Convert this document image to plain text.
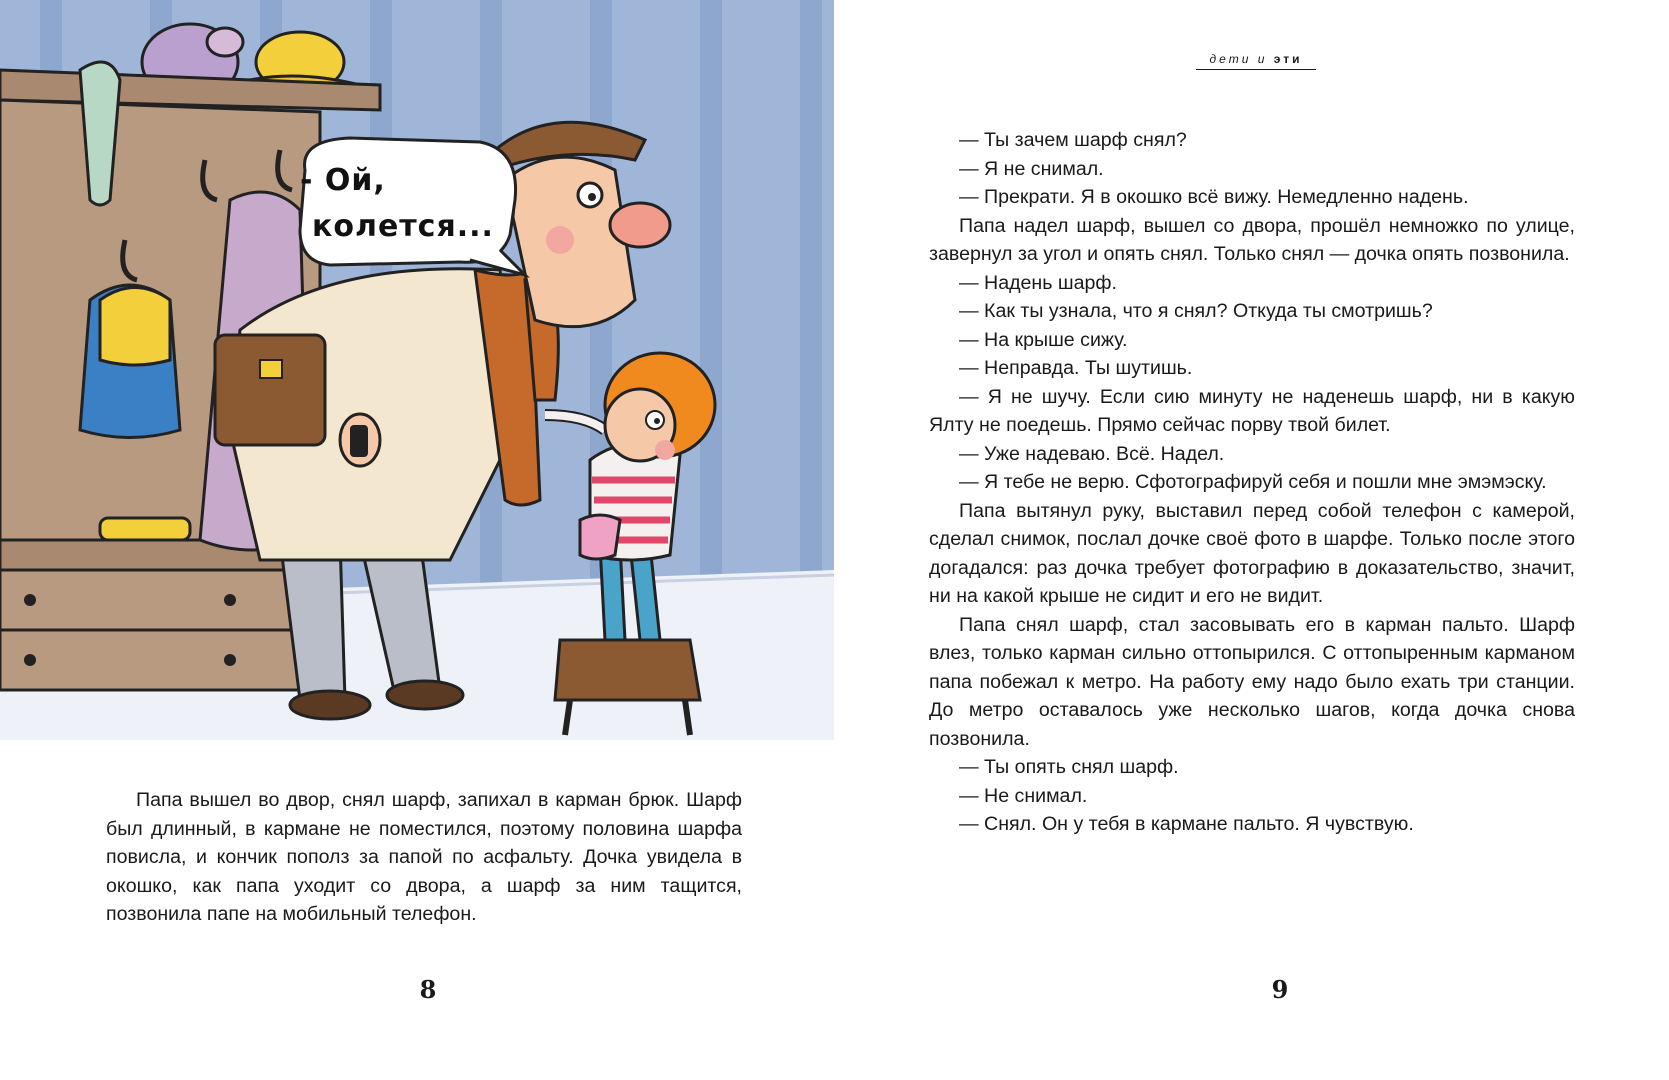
- Ой,
колется...

Папа вышел во двор, снял шарф, запихал в карман брюк. Шарф был длинный, в кармане не поместился, поэтому половина шарфа повисла, и кончик пополз за папой по асфальту. Дочка увидела в окошко, как папа уходит со двора, а шарф за ним тащится, позвонила папе на мобильный телефон.

8
дети и эти

— Ты зачем шарф снял?

— Я не снимал.

— Прекрати. Я в окошко всё вижу. Немедленно надень.

Папа надел шарф, вышел со двора, прошёл немножко по улице, завернул за угол и опять снял. Только снял — дочка опять позвонила.

— Надень шарф.

— Как ты узнала, что я снял? Откуда ты смотришь?

— На крыше сижу.

— Неправда. Ты шутишь.

— Я не шучу. Если сию минуту не наденешь шарф, ни в какую Ялту не поедешь. Прямо сейчас порву твой билет.

— Уже надеваю. Всё. Надел.

— Я тебе не верю. Сфотографируй себя и пошли мне эмэмэску.

Папа вытянул руку, выставил перед собой телефон с камерой, сделал снимок, послал дочке своё фото в шарфе. Только после этого догадался: раз дочка требует фотографию в доказательство, значит, ни на какой крыше не сидит и его не видит.

Папа снял шарф, стал засовывать его в карман пальто. Шарф влез, только карман сильно оттопырился. С оттопыренным карманом папа побежал к метро. На работу ему надо было ехать три станции. До метро оставалось уже несколько шагов, когда дочка снова позвонила.

— Ты опять снял шарф.

— Не снимал.

— Снял. Он у тебя в кармане пальто. Я чувствую.

9
